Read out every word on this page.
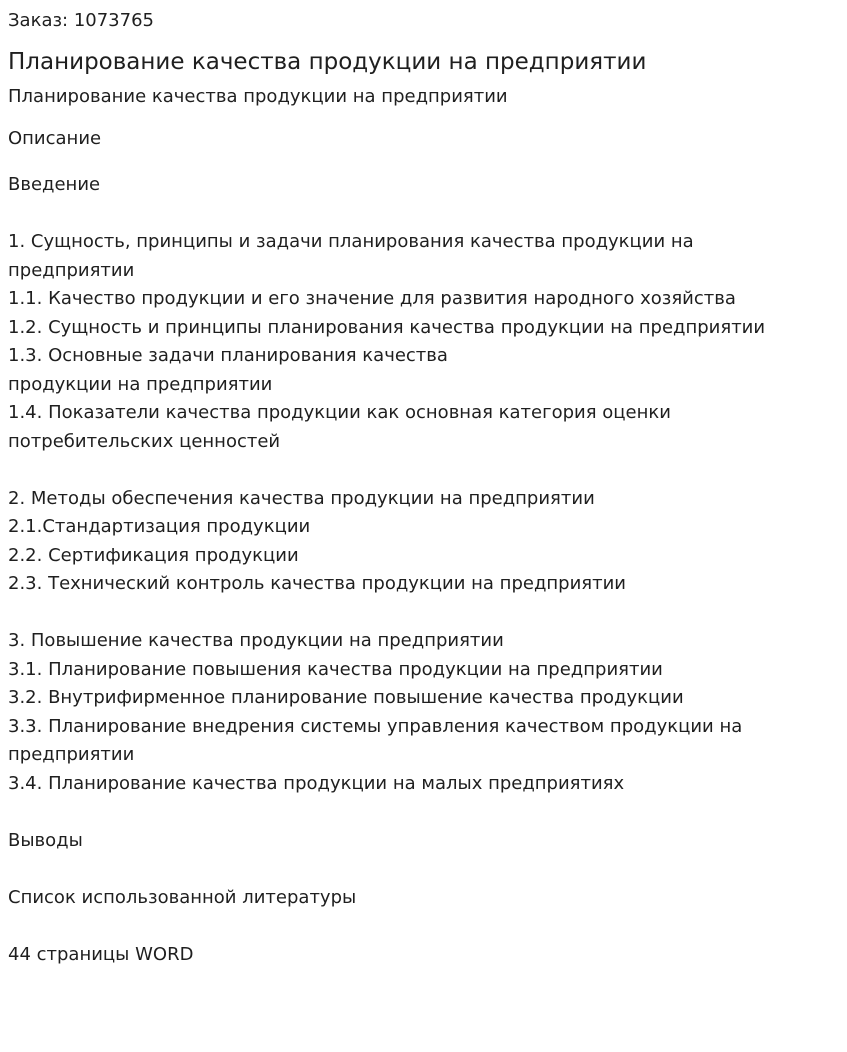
Заказ: 1073765
Планирование качества продукции на предприятии
Планирование качества продукции на предприятии
Описание
Введение
1. Сущность, принципы и задачи планирования качества продукции на
предприятии
1.1. Качество продукции и его значение для развития народного хозяйства
1.2. Сущность и принципы планирования качества продукции на предприятии
1.3. Основные задачи планирования качества
продукции на предприятии
1.4. Показатели качества продукции как основная категория оценки
потребительских ценностей
2. Методы обеспечения качества продукции на предприятии
2.1.Стандартизация продукции
2.2. Сертификация продукции
2.3. Технический контроль качества продукции на предприятии
3. Повышение качества продукции на предприятии
3.1. Планирование повышения качества продукции на предприятии
3.2. Внутрифирменное планирование повышение качества продукции
3.3. Планирование внедрения системы управления качеством продукции на
предприятии
3.4. Планирование качества продукции на малых предприятиях
Выводы
Список использованной литературы
44 страницы WORD
